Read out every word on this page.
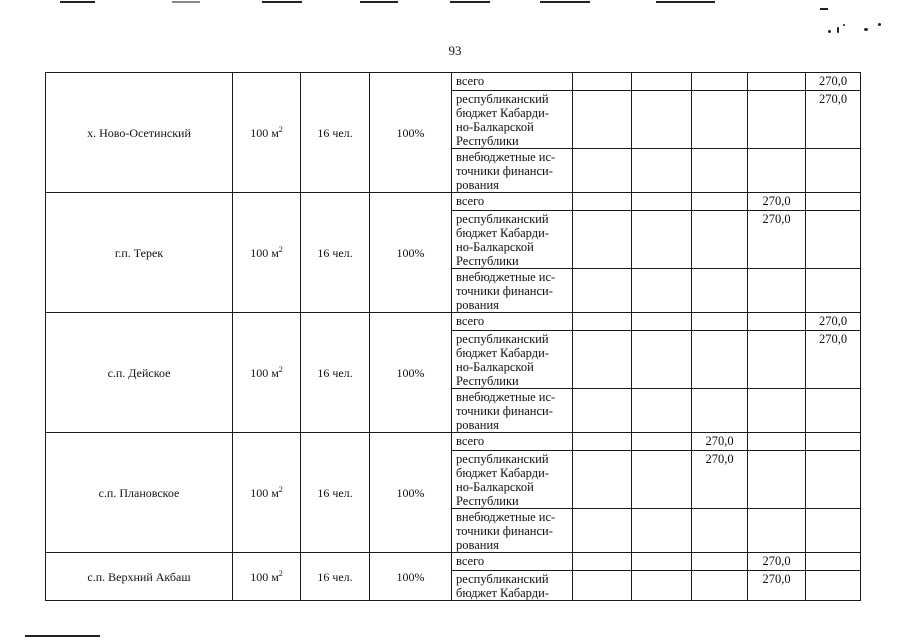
93
х. Ново-Осетинский	100 $м^2$	16 чел.	100%	всего					270,0

				республиканский
бюджет Кабарди-
но-Балкарской
Республики					270,0

				внебюджетные ис-
точники финанси-
рования					

г.п. Терек	100 $м^2$	16 чел.	100%	всего				270,0	

				республиканский
бюджет Кабарди-
но-Балкарской
Республики				270,0	

				внебюджетные ис-
точники финанси-
рования					

с.п. Дейское	100 $м^2$	16 чел.	100%	всего					270,0

				республиканский
бюджет Кабарди-
но-Балкарской
Республики					270,0

				внебюджетные ис-
точники финанси-
рования					

с.п. Плановское	100 $м^2$	16 чел.	100%	всего			270,0		

				республиканский
бюджет Кабарди-
но-Балкарской
Республики			270,0		

				внебюджетные ис-
точники финанси-
рования					

с.п. Верхний Акбаш	100 $м^2$	16 чел.	100%	всего				270,0	

				республиканский
бюджет Кабарди-				270,0	
